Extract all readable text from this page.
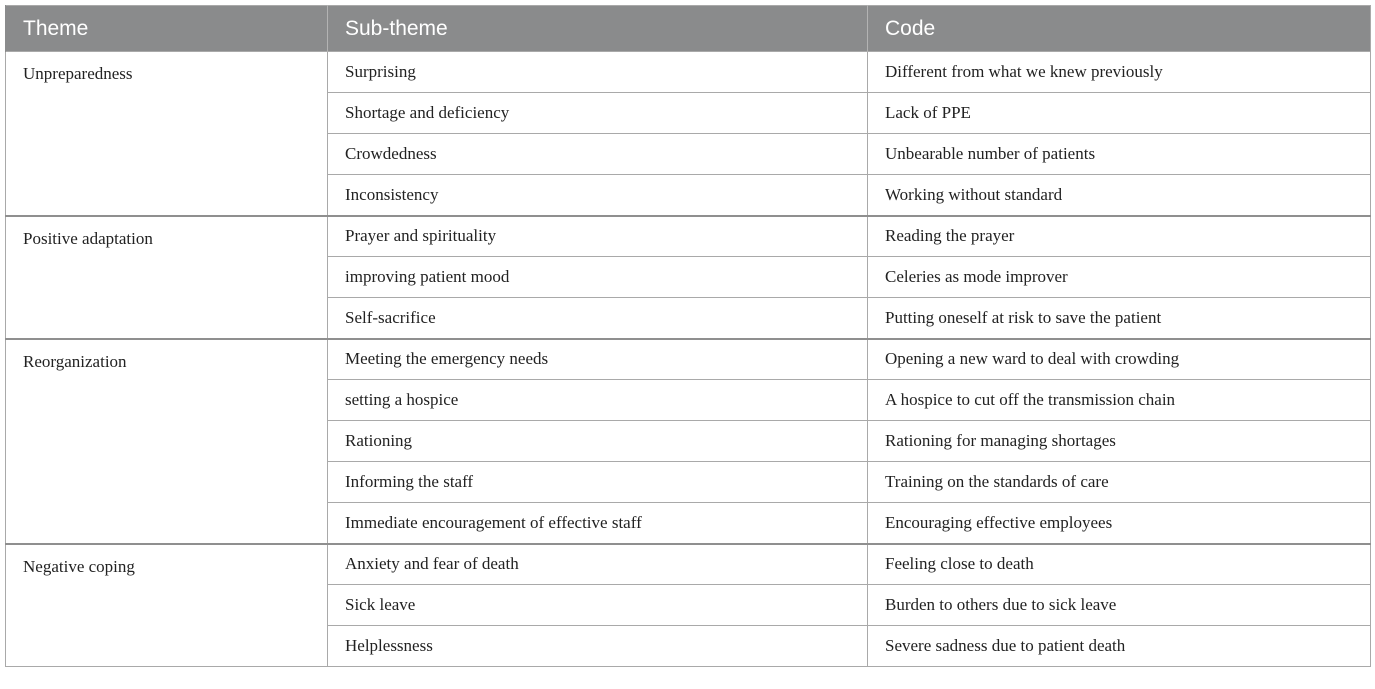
Theme	Sub-theme	Code
Unpreparedness	Surprising	Different from what we knew previously
	Shortage and deficiency	Lack of PPE
	Crowdedness	Unbearable number of patients
	Inconsistency	Working without standard
Positive adaptation	Prayer and spirituality	Reading the prayer
	improving patient mood	Celeries as mode improver
	Self-sacrifice	Putting oneself at risk to save the patient
Reorganization	Meeting the emergency needs	Opening a new ward to deal with crowding
	setting a hospice	A hospice to cut off the transmission chain
	Rationing	Rationing for managing shortages
	Informing the staff	Training on the standards of care
	Immediate encouragement of effective staff	Encouraging effective employees
Negative coping	Anxiety and fear of death	Feeling close to death
	Sick leave	Burden to others due to sick leave
	Helplessness	Severe sadness due to patient death
